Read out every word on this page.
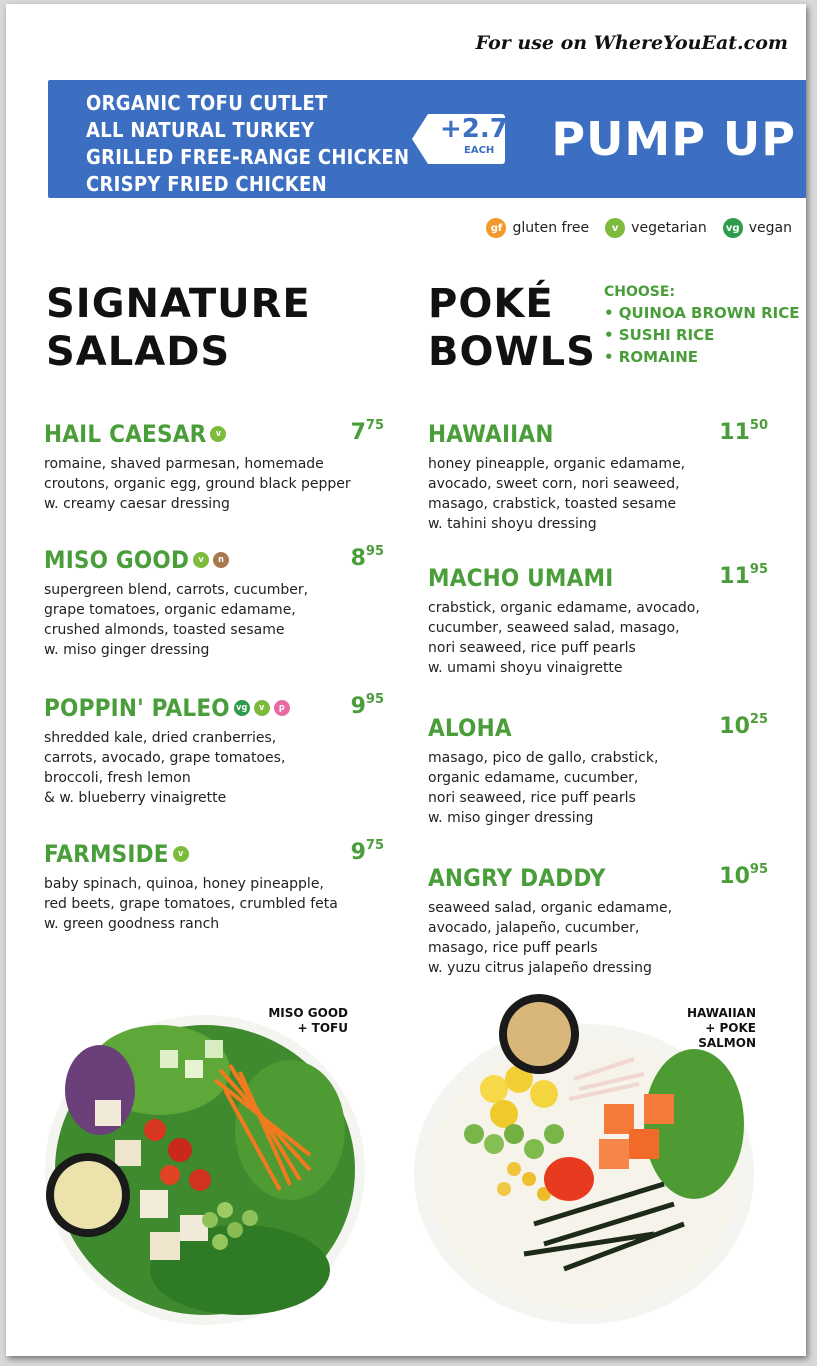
For use on WhereYouEat.com
ORGANIC TOFU CUTLET
ALL NATURAL TURKEY
GRILLED FREE-RANGE CHICKEN
CRISPY FRIED CHICKEN
+2.75
EACH PUMP UP
gf gluten free	v vegetarian	vg vegan
SIGNATURE
SALADS
HAIL CAESAR	v	$7^{75}$
romaine, shaved parmesan, homemade
croutons, organic egg, ground black pepper
w. creamy caesar dressing
MISO GOOD	v	n	$8^{95}$
supergreen blend, carrots, cucumber,
grape tomatoes, organic edamame,
crushed almonds, toasted sesame
w. miso ginger dressing
POPPIN' PALEO vg	v	p	$9^{95}$
shredded kale, dried cranberries,
carrots, avocado, grape tomatoes,
broccoli, fresh lemon
& w. blueberry vinaigrette
FARMSIDE	v	$9^{75}$
baby spinach, quinoa, honey pineapple,
red beets, grape tomatoes, crumbled feta
w. green goodness ranch
POKÉ
BOWLS
CHOOSE:
• QUINOA BROWN RICE
• SUSHI RICE
• ROMAINE
HAWAIIAN	$11^{50}$
honey pineapple, organic edamame,
avocado, sweet corn, nori seaweed,
masago, crabstick, toasted sesame
w. tahini shoyu dressing
MACHO UMAMI	$11^{95}$
crabstick, organic edamame, avocado,
cucumber, seaweed salad, masago,
nori seaweed, rice puff pearls
w. umami shoyu vinaigrette
ALOHA	$10^{25}$
masago, pico de gallo, crabstick,
organic edamame, cucumber,
nori seaweed, rice puff pearls
w. miso ginger dressing
ANGRY DADDY	$10^{95}$
seaweed salad, organic edamame,
avocado, jalapeño, cucumber,
masago, rice puff pearls
w. yuzu citrus jalapeño dressing
MISO GOOD
+ TOFU
HAWAIIAN
+ POKE
SALMON
